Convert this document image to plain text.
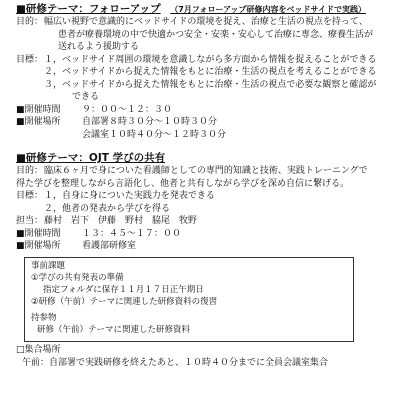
■研修テーマ：フォローアップ （7月フォローアップ研修内容をベッドサイドで実践）
目的： 幅広い視野で意識的にベッドサイドの環境を捉え、治療と生活の視点を持って、
患者が療養環境の中で快適かつ安全・安楽・安心して治療に専念、療養生活が
送れるよう援助する
目標： １， ベッドサイド周囲の環境を意識しながら多方面から情報を捉えることができる
２， ベッドサイドから捉えた情報をもとに治療・生活の視点を考えることができる
３， ベッドサイドから捉えた情報をもとに治療・生活の視点で必要な観察と確認が
できる
■開催時間	９：００～１２：３０
■開催場所	自部署８時３０分～１０時３０分
会議室１０時４０分～１２時３０分
■研修テーマ：OJT 学びの共有
目的： 臨床６ヶ月で身についた看護師としての専門的知識と技術、実践トレーニングで
得た学びを整理しながら言語化し、他者と共有しながら学びを深め自信に繋げる。
目標： １， 自身に身についた実践力を発表できる
２， 他者の発表から学びを得る
担当： 藤村　岩下　伊藤　野村　脇尾　牧野
■開催時間	１３：４５～１７：００
■開催場所	看護部研修室
事前課題
①学びの共有発表の準備
指定フォルダに保存１１月１７日正午期日
②研修（午前）テーマに関連した研修資料の復習
持参物
研修（午前）テーマに関連した研修資料
□集合場所
午前：自部署で実践研修を終えたあと、１０時４０分までに全員会議室集合
